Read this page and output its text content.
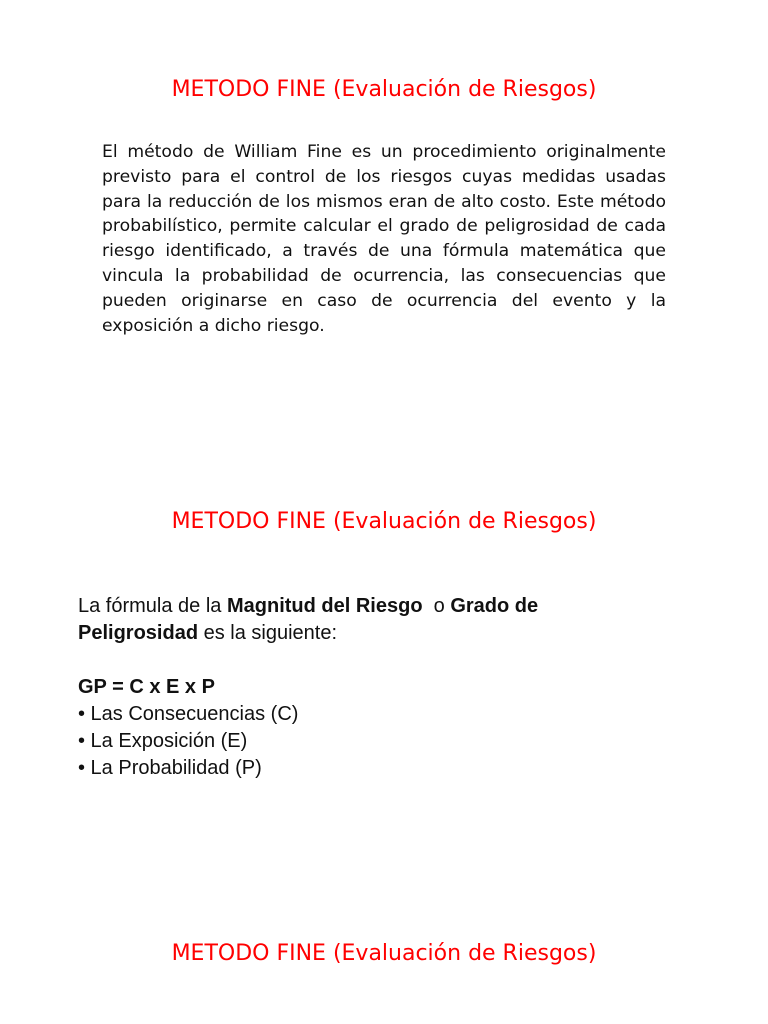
METODO FINE (Evaluación de Riesgos)

El método de William Fine es un procedimiento originalmente previsto para el control de los riesgos cuyas medidas usadas para la reducción de los mismos eran de alto costo. Este método probabilístico, permite calcular el grado de peligrosidad de cada riesgo identificado, a través de una fórmula matemática que vincula la probabilidad de ocurrencia, las consecuencias que pueden originarse en caso de ocurrencia del evento y la exposición a dicho riesgo.

METODO FINE (Evaluación de Riesgos)

La fórmula de la Magnitud del Riesgo  o Grado de Peligrosidad es la siguiente:

GP = C x E x P

• Las Consecuencias (C)
• La Exposición (E)
• La Probabilidad (P)
METODO FINE (Evaluación de Riesgos)
